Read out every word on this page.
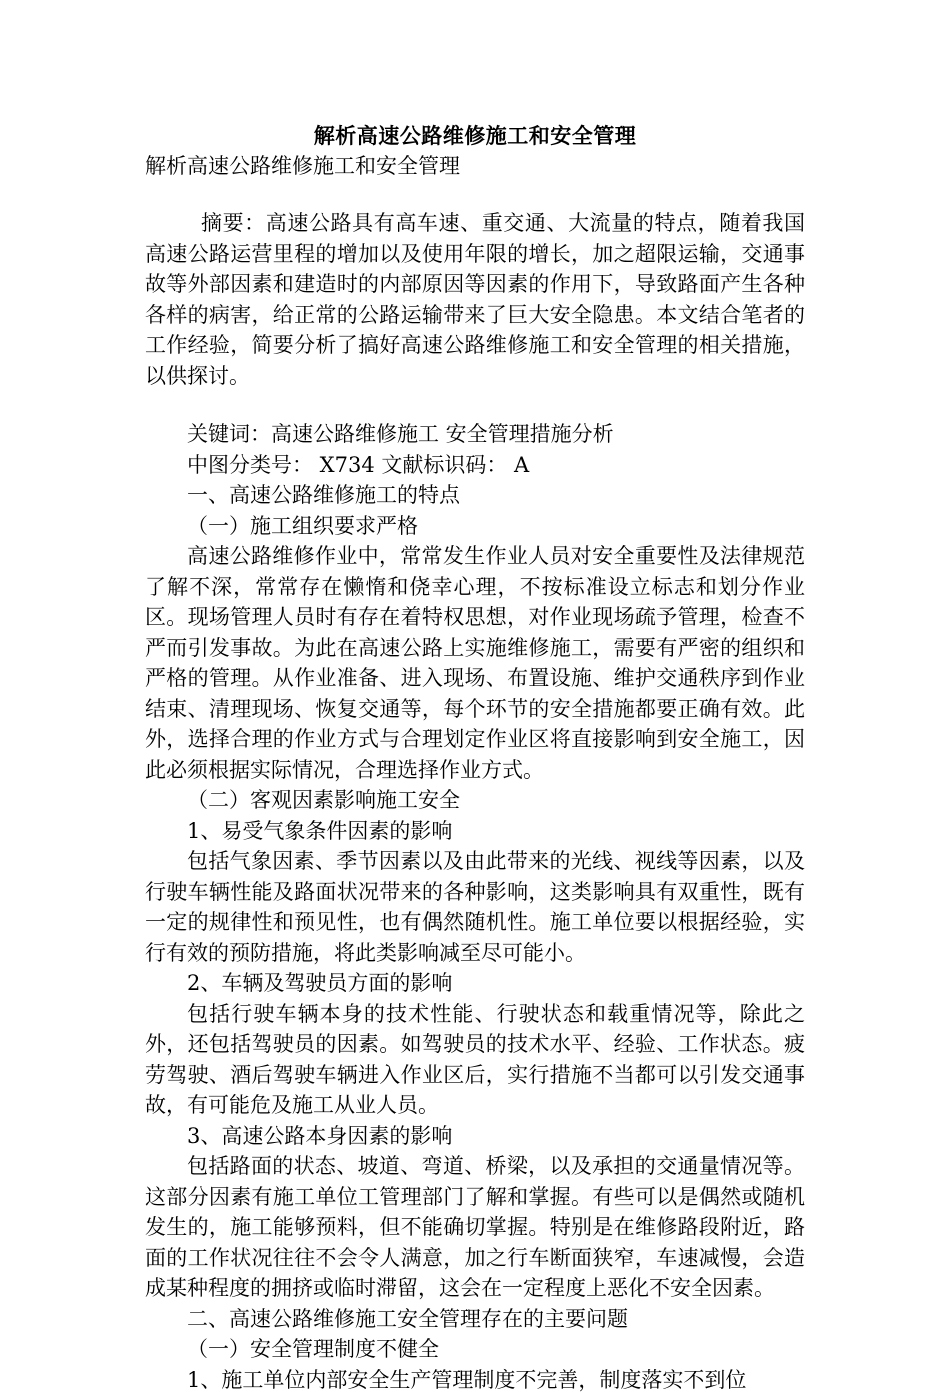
解析高速公路维修施工和安全管理

解析高速公路维修施工和安全管理

摘要：高速公路具有高车速、重交通、大流量的特点，随着我国高速公路运营里程的增加以及使用年限的增长，加之超限运输，交通事故等外部因素和建造时的内部原因等因素的作用下，导致路面产生各种各样的病害，给正常的公路运输带来了巨大安全隐患。本文结合笔者的工作经验，简要分析了搞好高速公路维修施工和安全管理的相关措施，以供探讨。

关键词：高速公路维修施工 安全管理措施分析

中图分类号： X734 文献标识码： A

一、高速公路维修施工的特点

（一）施工组织要求严格

高速公路维修作业中，常常发生作业人员对安全重要性及法律规范了解不深，常常存在懒惰和侥幸心理，不按标准设立标志和划分作业区。现场管理人员时有存在着特权思想，对作业现场疏予管理，检查不严而引发事故。为此在高速公路上实施维修施工，需要有严密的组织和严格的管理。从作业准备、进入现场、布置设施、维护交通秩序到作业结束、清理现场、恢复交通等，每个环节的安全措施都要正确有效。此外，选择合理的作业方式与合理划定作业区将直接影响到安全施工，因此必须根据实际情况，合理选择作业方式。

（二）客观因素影响施工安全

1、易受气象条件因素的影响

包括气象因素、季节因素以及由此带来的光线、视线等因素，以及行驶车辆性能及路面状况带来的各种影响，这类影响具有双重性，既有一定的规律性和预见性，也有偶然随机性。施工单位要以根据经验，实行有效的预防措施，将此类影响减至尽可能小。

2、车辆及驾驶员方面的影响

包括行驶车辆本身的技术性能、行驶状态和载重情况等，除此之外，还包括驾驶员的因素。如驾驶员的技术水平、经验、工作状态。疲劳驾驶、酒后驾驶车辆进入作业区后，实行措施不当都可以引发交通事故，有可能危及施工从业人员。

3、高速公路本身因素的影响

包括路面的状态、坡道、弯道、桥梁，以及承担的交通量情况等。这部分因素有施工单位工管理部门了解和掌握。有些可以是偶然或随机发生的，施工能够预料，但不能确切掌握。特别是在维修路段附近，路面的工作状况往往不会令人满意，加之行车断面狭窄，车速减慢，会造成某种程度的拥挤或临时滞留，这会在一定程度上恶化不安全因素。

二、高速公路维修施工安全管理存在的主要问题

（一）安全管理制度不健全

1、施工单位内部安全生产管理制度不完善，制度落实不到位
